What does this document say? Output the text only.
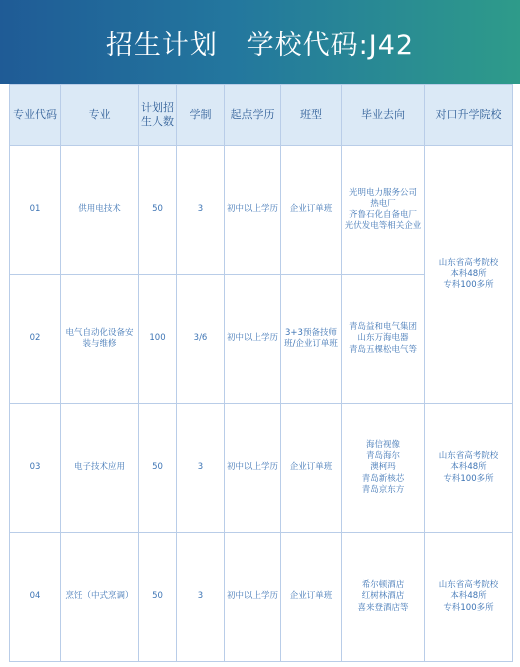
招生计划   学校代码:J42
专业代码	专业	计划招生人数	学制	起点学历	班型	毕业去向	对口升学院校
01	供用电技术	50	3	初中以上学历	企业订单班	光明电力服务公司
热电厂
齐鲁石化自备电厂
光伏发电等相关企业	山东省高考院校
本科48所
专科100多所

02	电气自动化设备安装与维修	100	3/6	初中以上学历	3+3预备技师班/企业订单班	青岛益和电气集团
山东万海电器
青岛五棵松电气等	

03	电子技术应用	50	3	初中以上学历	企业订单班	海信视像
青岛海尔
澳柯玛
青岛新核芯
青岛京东方	山东省高考院校
本科48所
专科100多所

04	烹饪（中式烹调）	50	3	初中以上学历	企业订单班	希尔顿酒店
红树林酒店
喜来登酒店等	山东省高考院校
本科48所
专科100多所
